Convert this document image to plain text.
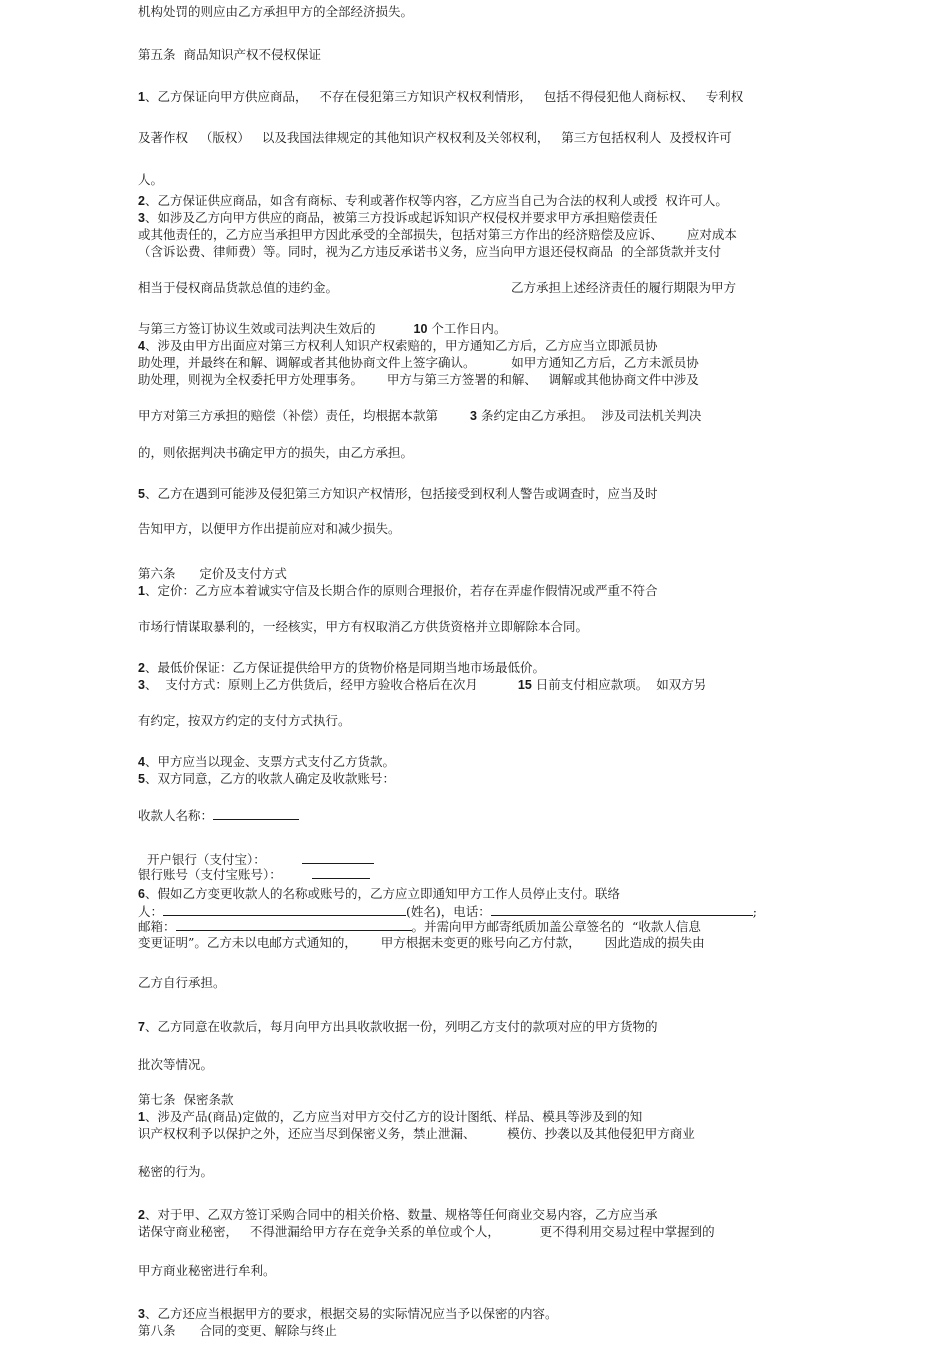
机构处罚的则应由乙方承担甲方的全部经济损失。
第五条  商品知识产权不侵权保证
1、乙方保证向甲方供应商品，   不存在侵犯第三方知识产权权利情形，   包括不得侵犯他人商标权、   专利权
及著作权   （版权）   以及我国法律规定的其他知识产权权利及关邻权利，   第三方包括权利人  及授权许可
人。
2、乙方保证供应商品，如含有商标、专利或著作权等内容，乙方应当自己为合法的权利人或授  权许可人。
3、如涉及乙方向甲方供应的商品，被第三方投诉或起诉知识产权侵权并要求甲方承担赔偿责任
或其他责任的，乙方应当承担甲方因此承受的全部损失，包括对第三方作出的经济赔偿及应诉、      应对成本
（含诉讼费、律师费）等。同时，视为乙方违反承诺书义务，应当向甲方退还侵权商品  的全部货款并支付
相当于侵权商品货款总值的违约金。	乙方承担上述经济责任的履行期限为甲方
与第三方签订协议生效或司法判决生效后的	10 个工作日内。
4、涉及由甲方出面应对第三方权利人知识产权索赔的，甲方通知乙方后，乙方应当立即派员协
助处理，并最终在和解、调解或者其他协商文件上签字确认。         如甲方通知乙方后，乙方未派员协
助处理，则视为全权委托甲方处理事务。      甲方与第三方签署的和解、   调解或其他协商文件中涉及
甲方对第三方承担的赔偿（补偿）责任，均根据本款第	3 条约定由乙方承担。  涉及司法机关判决
的，则依据判决书确定甲方的损失，由乙方承担。
5、乙方在遇到可能涉及侵犯第三方知识产权情形，包括接受到权利人警告或调查时，应当及时
告知甲方，以便甲方作出提前应对和减少损失。
第六条      定价及支付方式
1、定价：乙方应本着诚实守信及长期合作的原则合理报价，若存在弄虚作假情况或严重不符合
市场行情谋取暴利的，一经核实，甲方有权取消乙方供货资格并立即解除本合同。
2、最低价保证：乙方保证提供给甲方的货物价格是同期当地市场最低价。
3、  支付方式：原则上乙方供货后，经甲方验收合格后在次月	15 日前支付相应款项。  如双方另
有约定，按双方约定的支付方式执行。
4、甲方应当以现金、支票方式支付乙方货款。
5、双方同意，乙方的收款人确定及收款账号：
收款人名称：
开户银行（支付宝）：
银行账号（支付宝账号）：
6、假如乙方变更收款人的名称或账号的，乙方应立即通知甲方工作人员停止支付。联络
人：	(姓名)，电话：	;
邮箱：	。并需向甲方邮寄纸质加盖公章签名的  “收款人信息
变更证明”。乙方未以电邮方式通知的，      甲方根据未变更的账号向乙方付款，      因此造成的损失由
乙方自行承担。
7、乙方同意在收款后，每月向甲方出具收款收据一份，列明乙方支付的款项对应的甲方货物的
批次等情况。
第七条  保密条款
1、涉及产品(商品)定做的，乙方应当对甲方交付乙方的设计图纸、样品、模具等涉及到的知
识产权权利予以保护之外，还应当尽到保密义务，禁止泄漏、        模仿、抄袭以及其他侵犯甲方商业
秘密的行为。
2、对于甲、乙双方签订采购合同中的相关价格、数量、规格等任何商业交易内容，乙方应当承
诺保守商业秘密，   不得泄漏给甲方存在竞争关系的单位或个人，          更不得利用交易过程中掌握到的
甲方商业秘密进行牟利。
3、乙方还应当根据甲方的要求，根据交易的实际情况应当予以保密的内容。
第八条      合同的变更、解除与终止
